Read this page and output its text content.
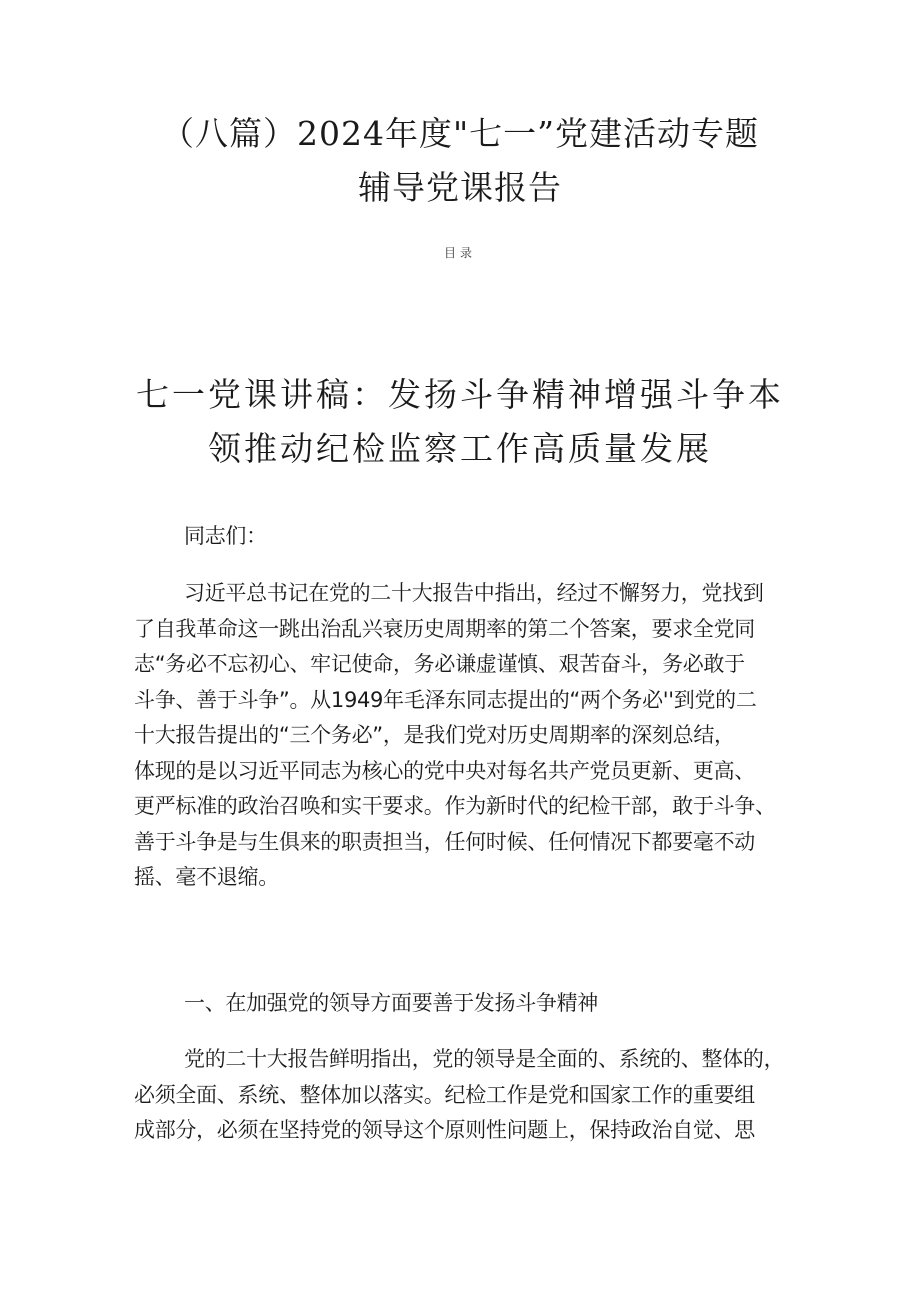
（八篇）2024年度"七一”党建活动专题
辅导党课报告
目录
七一党课讲稿：发扬斗争精神增强斗争本
领推动纪检监察工作高质量发展

同志们：

习近平总书记在党的二十大报告中指出，经过不懈努力，党找到
了自我革命这一跳出治乱兴衰历史周期率的第二个答案，要求全党同
志“务必不忘初心、牢记使命，务必谦虚谨慎、艰苦奋斗，务必敢于
斗争、善于斗争”。从1949年毛泽东同志提出的“两个务必''到党的二
十大报告提出的“三个务必”，是我们党对历史周期率的深刻总结，
体现的是以习近平同志为核心的党中央对每名共产党员更新、更高、
更严标准的政治召唤和实干要求。作为新时代的纪检干部，敢于斗争、
善于斗争是与生俱来的职责担当，任何时候、任何情况下都要毫不动
摇、毫不退缩。

一、在加强党的领导方面要善于发扬斗争精神

党的二十大报告鲜明指出，党的领导是全面的、系统的、整体的，
必须全面、系统、整体加以落实。纪检工作是党和国家工作的重要组
成部分，必须在坚持党的领导这个原则性问题上，保持政治自觉、思
